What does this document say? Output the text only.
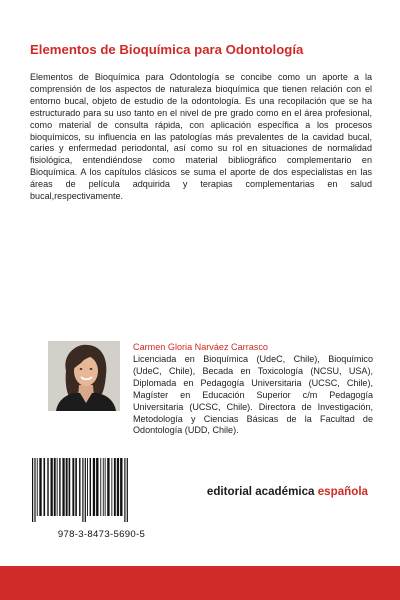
Elementos de Bioquímica para Odontología

Elementos de Bioquímica para Odontología se concibe como un aporte a la comprensión de los aspectos de naturaleza bioquímica que tienen relación con el entorno bucal, objeto de estudio de la odontología. Es una recopilación que se ha estructurado para su uso tanto en el nivel de pre grado como en el área profesional, como material de consulta rápida, con aplicación específica a los procesos bioquímicos, su influencia en las patologías más prevalentes de la cavidad bucal, caries y enfermedad periodontal, así como su rol en situaciones de normalidad fisiológica, entendiéndose como material bibliográfico complementario en Bioquímica. A los capítulos clásicos se suma el aporte de dos especialistas en las áreas de película adquirida y terapias complementarias en salud bucal,respectivamente.

Carmen Gloria Narváez Carrasco

Licenciada en Bioquímica (UdeC, Chile), Bioquímico (UdeC, Chile), Becada en Toxicología (NCSU, USA), Diplomada en Pedagogía Universitaria (UCSC, Chile), Magíster en Educación Superior c/m Pedagogía Universitaria (UCSC, Chile). Directora de Investigación, Metodología y Ciencias Básicas de la Facultad de Odontología (UDD, Chile).

978-3-8473-5690-5
editorial académica española
